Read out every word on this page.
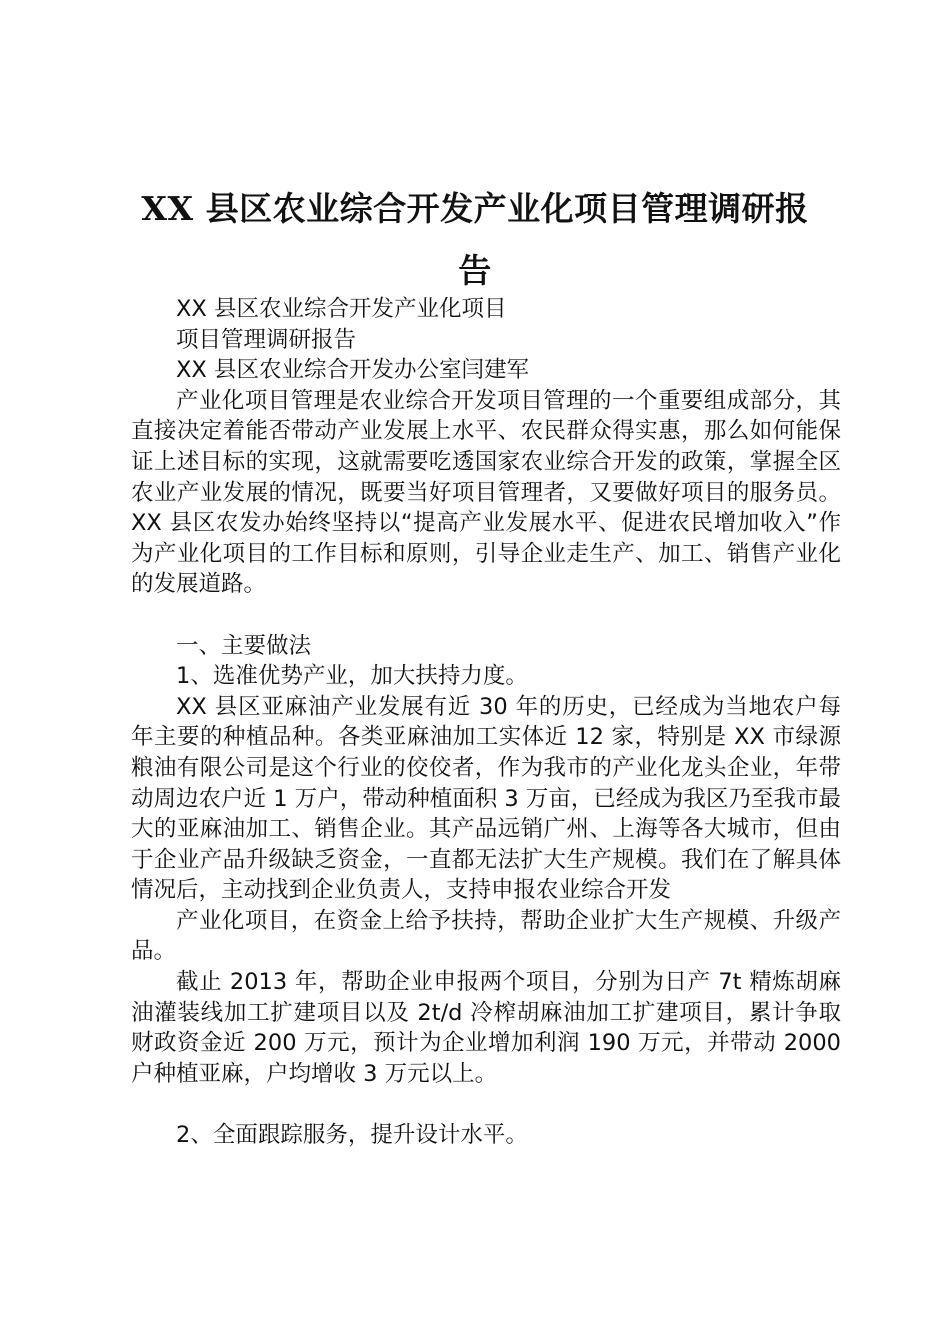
XX 县区农业综合开发产业化项目管理调研报告

XX 县区农业综合开发产业化项目

项目管理调研报告

XX 县区农业综合开发办公室闫建军

产业化项目管理是农业综合开发项目管理的一个重要组成部分，其直接决定着能否带动产业发展上水平、农民群众得实惠，那么如何能保证上述目标的实现，这就需要吃透国家农业综合开发的政策，掌握全区农业产业发展的情况，既要当好项目管理者，又要做好项目的服务员。XX 县区农发办始终坚持以“提高产业发展水平、促进农民增加收入”作为产业化项目的工作目标和原则，引导企业走生产、加工、销售产业化的发展道路。

一、主要做法

1、选准优势产业，加大扶持力度。

XX 县区亚麻油产业发展有近 30 年的历史，已经成为当地农户每年主要的种植品种。各类亚麻油加工实体近 12 家，特别是 XX 市绿源粮油有限公司是这个行业的佼佼者，作为我市的产业化龙头企业，年带动周边农户近 1 万户，带动种植面积 3 万亩，已经成为我区乃至我市最大的亚麻油加工、销售企业。其产品远销广州、上海等各大城市，但由于企业产品升级缺乏资金，一直都无法扩大生产规模。我们在了解具体情况后，主动找到企业负责人，支持申报农业综合开发

产业化项目，在资金上给予扶持，帮助企业扩大生产规模、升级产品。

截止 2013 年，帮助企业申报两个项目，分别为日产 7t 精炼胡麻油灌装线加工扩建项目以及 2t/d 冷榨胡麻油加工扩建项目，累计争取财政资金近 200 万元，预计为企业增加利润 190 万元，并带动 2000 户种植亚麻，户均增收 3 万元以上。

2、全面跟踪服务，提升设计水平。
